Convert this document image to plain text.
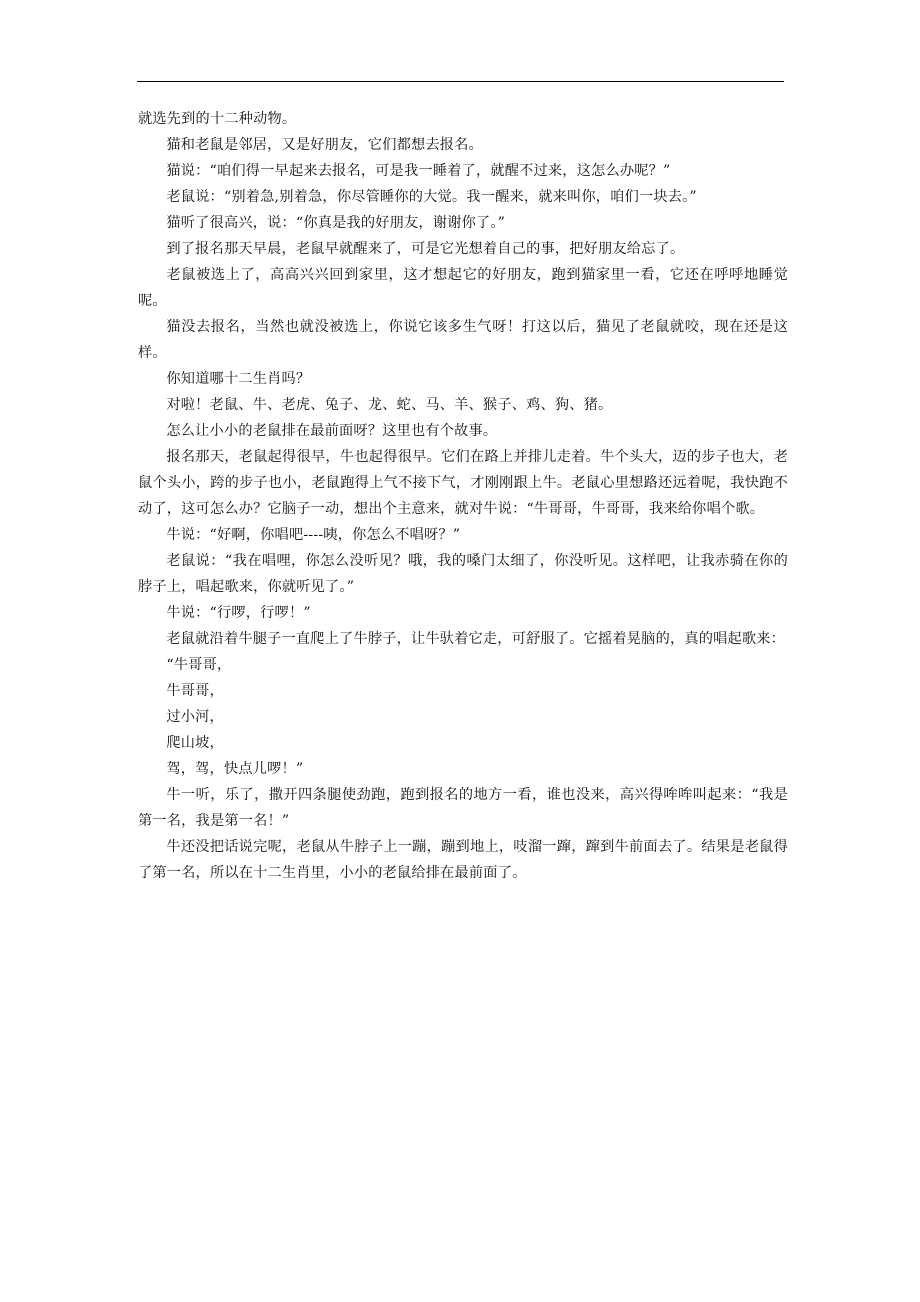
就选先到的十二种动物。

猫和老鼠是邻居，又是好朋友，它们都想去报名。

猫说：“咱们得一早起来去报名，可是我一睡着了，就醒不过来，这怎么办呢？”

老鼠说：“别着急,别着急，你尽管睡你的大觉。我一醒来，就来叫你，咱们一块去。”

猫听了很高兴，说：“你真是我的好朋友，谢谢你了。”

到了报名那天早晨，老鼠早就醒来了，可是它光想着自己的事，把好朋友给忘了。

老鼠被选上了，高高兴兴回到家里，这才想起它的好朋友，跑到猫家里一看，它还在呼呼地睡觉呢。

猫没去报名，当然也就没被选上，你说它该多生气呀！打这以后，猫见了老鼠就咬，现在还是这样。

你知道哪十二生肖吗？

对啦！老鼠、牛、老虎、兔子、龙、蛇、马、羊、猴子、鸡、狗、猪。

怎么让小小的老鼠排在最前面呀？这里也有个故事。

报名那天，老鼠起得很早，牛也起得很早。它们在路上并排儿走着。牛个头大，迈的步子也大，老鼠个头小，跨的步子也小，老鼠跑得上气不接下气，才刚刚跟上牛。老鼠心里想路还远着呢，我快跑不动了，这可怎么办？它脑子一动，想出个主意来，就对牛说：“牛哥哥，牛哥哥，我来给你唱个歌。

牛说：“好啊，你唱吧----咦，你怎么不唱呀？”

老鼠说：“我在唱哩，你怎么没听见？哦，我的嗓门太细了，你没听见。这样吧，让我赤骑在你的脖子上，唱起歌来，你就听见了。”

牛说：“行啰，行啰！”

老鼠就沿着牛腿子一直爬上了牛脖子，让牛驮着它走，可舒服了。它摇着晃脑的，真的唱起歌来：

“牛哥哥，

牛哥哥，

过小河，

爬山坡，

驾，驾，快点儿啰！”

牛一听，乐了，撒开四条腿使劲跑，跑到报名的地方一看，谁也没来，高兴得哞哞叫起来：“我是第一名，我是第一名！”

牛还没把话说完呢，老鼠从牛脖子上一蹦，蹦到地上，吱溜一蹿，蹿到牛前面去了。结果是老鼠得了第一名，所以在十二生肖里，小小的老鼠给排在最前面了。
